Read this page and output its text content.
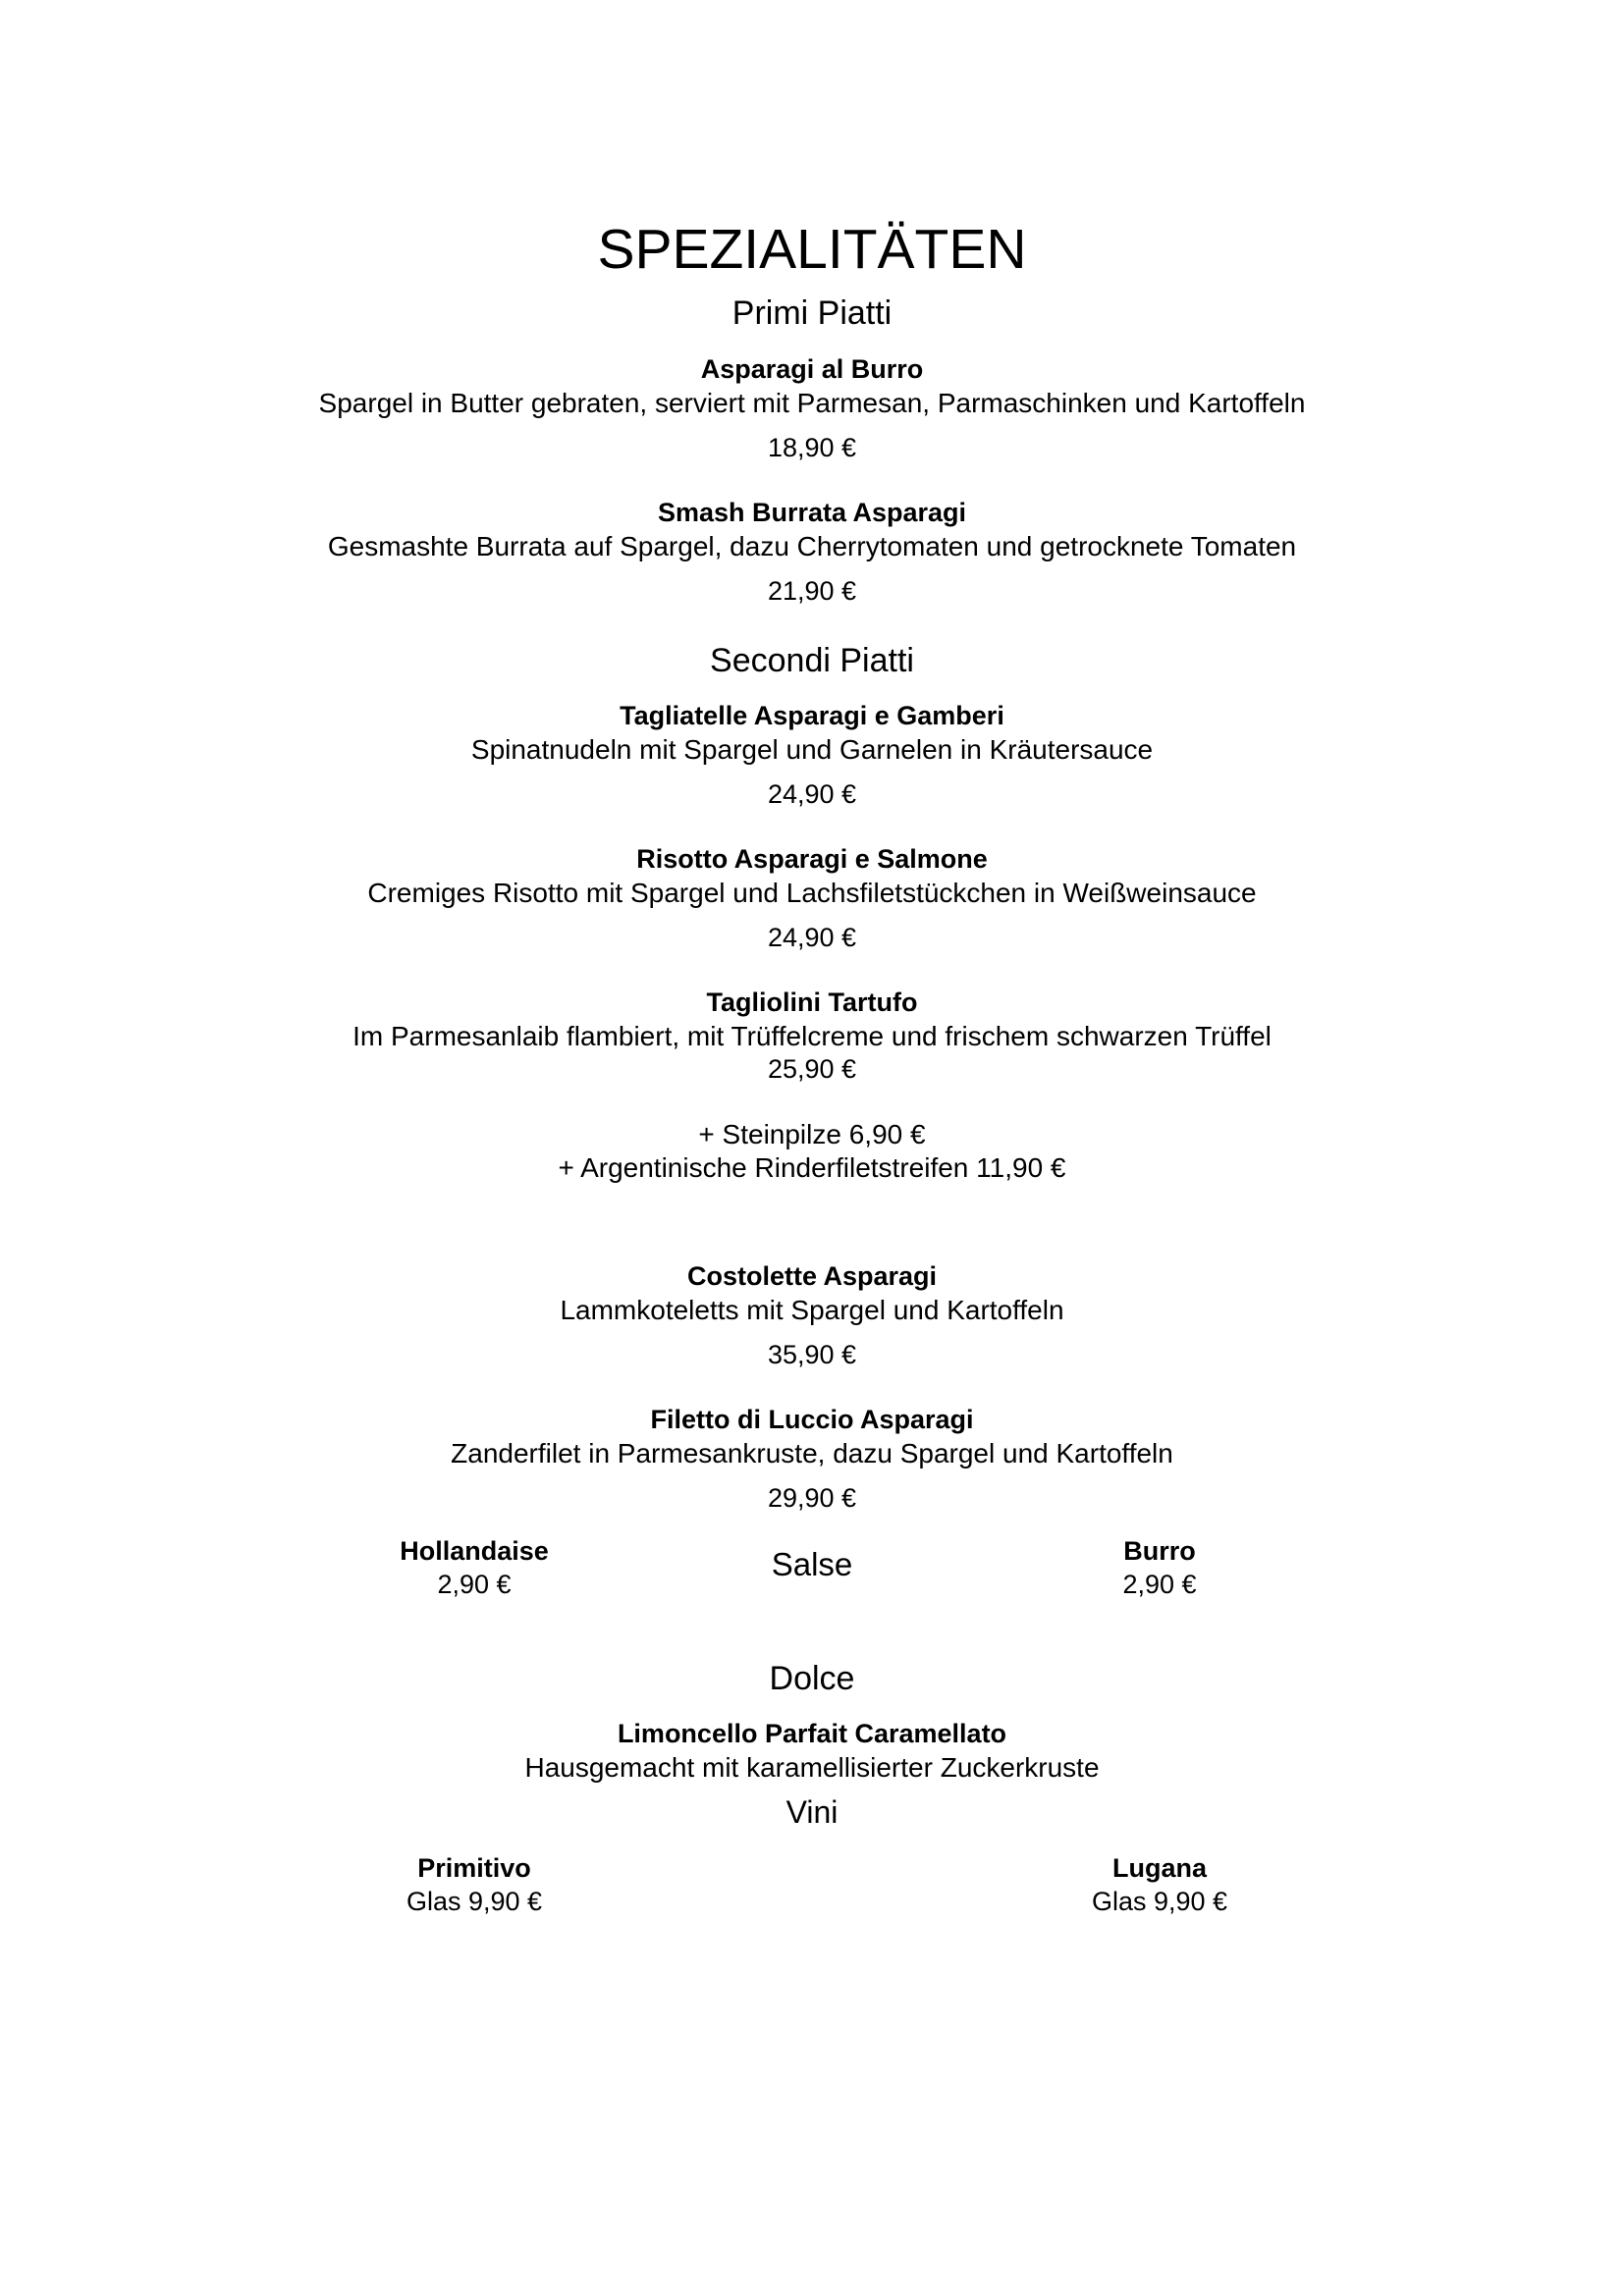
SPEZIALITÄTEN
Primi Piatti
Asparagi al Burro
Spargel in Butter gebraten, serviert mit Parmesan, Parmaschinken und Kartoffeln
18,90 €
Smash Burrata Asparagi
Gesmashte Burrata auf Spargel, dazu Cherrytomaten und getrocknete Tomaten
21,90 €
Secondi Piatti
Tagliatelle Asparagi e Gamberi
Spinatnudeln mit Spargel und Garnelen in Kräutersauce
24,90 €
Risotto Asparagi e Salmone
Cremiges Risotto mit Spargel und Lachsfiletstückchen in Weißweinsauce
24,90 €
Tagliolini Tartufo
Im Parmesanlaib flambiert, mit Trüffelcreme und frischem schwarzen Trüffel
25,90 €
+ Steinpilze 6,90 €
+ Argentinische Rinderfiletstreifen 11,90 €
Costolette Asparagi
Lammkoteletts mit Spargel und Kartoffeln
35,90 €
Filetto di Luccio Asparagi
Zanderfilet in Parmesankruste, dazu Spargel und Kartoffeln
29,90 €
Hollandaise
2,90 €
Salse	Burro
2,90 €
Dolce
Limoncello Parfait Caramellato
Hausgemacht mit karamellisierter Zuckerkruste
Vini
Primitivo
Glas 9,90 €
Lugana
Glas 9,90 €
